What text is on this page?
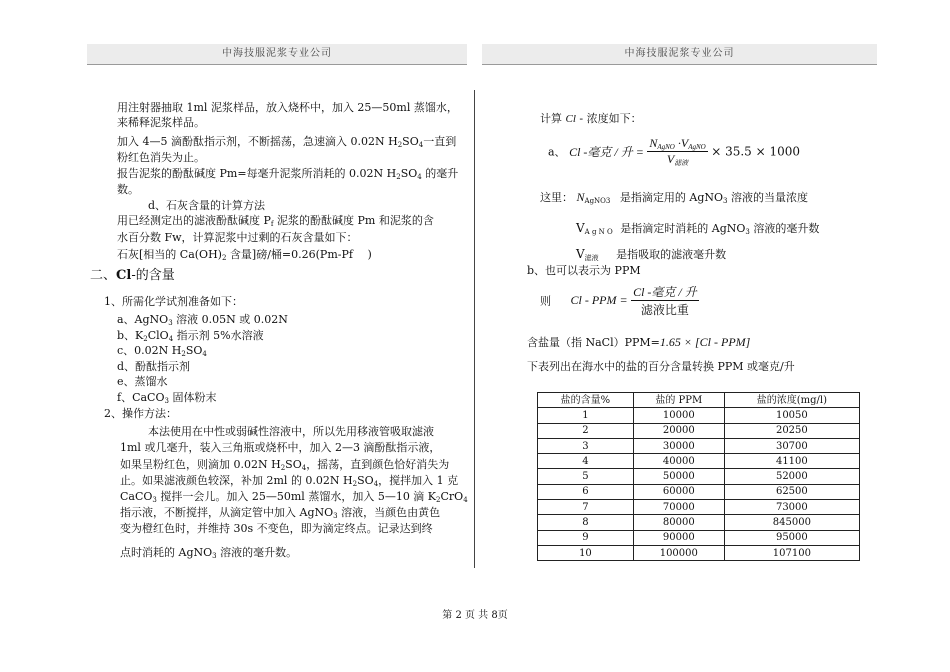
中海技服泥浆专业公司	中海技服泥浆专业公司
用注射器抽取 1ml 泥浆样品，放入烧杯中，加入 25—50ml 蒸馏水，
来稀释泥浆样品。
加入 4—5 滴酚酞指示剂，不断摇荡，急速滴入 0.02N $H_2SO_4$一直到
粉红色消失为止。
报告泥浆的酚酞碱度 Pm=每毫升泥浆所消耗的 0.02N $H_2SO_4$ 的毫升
数。
d、石灰含量的计算方法
用已经测定出的滤液酚酞碱度 $P_f$ 泥浆的酚酞碱度 Pm 和泥浆的含
水百分数 Fw，计算泥浆中过剩的石灰含量如下：
石灰[相当的 $Ca(OH)_2$ 含量]磅/桶=0.26(Pm-Pf　 )
二、Cl-的含量
1、所需化学试剂准备如下：
a、AgNO$_3$ 溶液 0.05N 或 0.02N
b、$K_2ClO_4$ 指示剂 5%水溶液
c、0.02N $H_2SO_4$
d、酚酞指示剂
e、蒸馏水
f、CaCO$_3$ 固体粉末
2、操作方法：
本法使用在中性或弱碱性溶液中，所以先用移液管吸取滤液
1ml 或几毫升，装入三角瓶或烧杯中，加入 2—3 滴酚酞指示液，
如果呈粉红色，则滴加 0.02N $H_2SO_4$，摇荡，直到颜色恰好消失为
止。如果滤液颜色较深，补加 2ml 的 0.02N $H_2SO_4$，搅拌加入 1 克
CaCO$_3$ 搅拌一会儿。加入 25—50ml 蒸馏水，加入 5—10 滴 $K_2CrO_4$
指示液，不断搅拌，从滴定管中加入 AgNO$_3$ 溶液，当颜色由黄色
变为橙红色时，并维持 30s 不变色，即为滴定终点。记录达到终
点时消耗的 AgNO$_3$ 溶液的毫升数。
计算 Cl - 浓度如下：
a、 Cl -毫克 / 升 = $\frac{N_{AgNO} \cdot V_{AgNO}}{V_{滤液}} \times 35.5 \times 1000$
这里： $N_{AgNO3}$ 是指滴定用的 AgNO$_3$ 溶液的当量浓度
$V_{A g N O}$ 是指滴定时消耗的 AgNO$_3$ 溶液的毫升数
$V_{滤液}$ 是指吸取的滤液毫升数
b、也可以表示为 PPM
则 Cl - PPM = $\frac{\text{Cl -毫克 / 升}}{\text{滤液比重}}$
含盐量（指 NaCl）PPM=1.65 × [Cl - PPM]
下表列出在海水中的盐的百分含量转换 PPM 或毫克/升
盐的含量%	盐的 PPM	盐的浓度(mg/l)
1	10000	10050
2	20000	20250
3	30000	30700
4	40000	41100
5	50000	52000
6	60000	62500
7	70000	73000
8	80000	845000
9	90000	95000
10	100000	107100
第 2 页 共 8页
